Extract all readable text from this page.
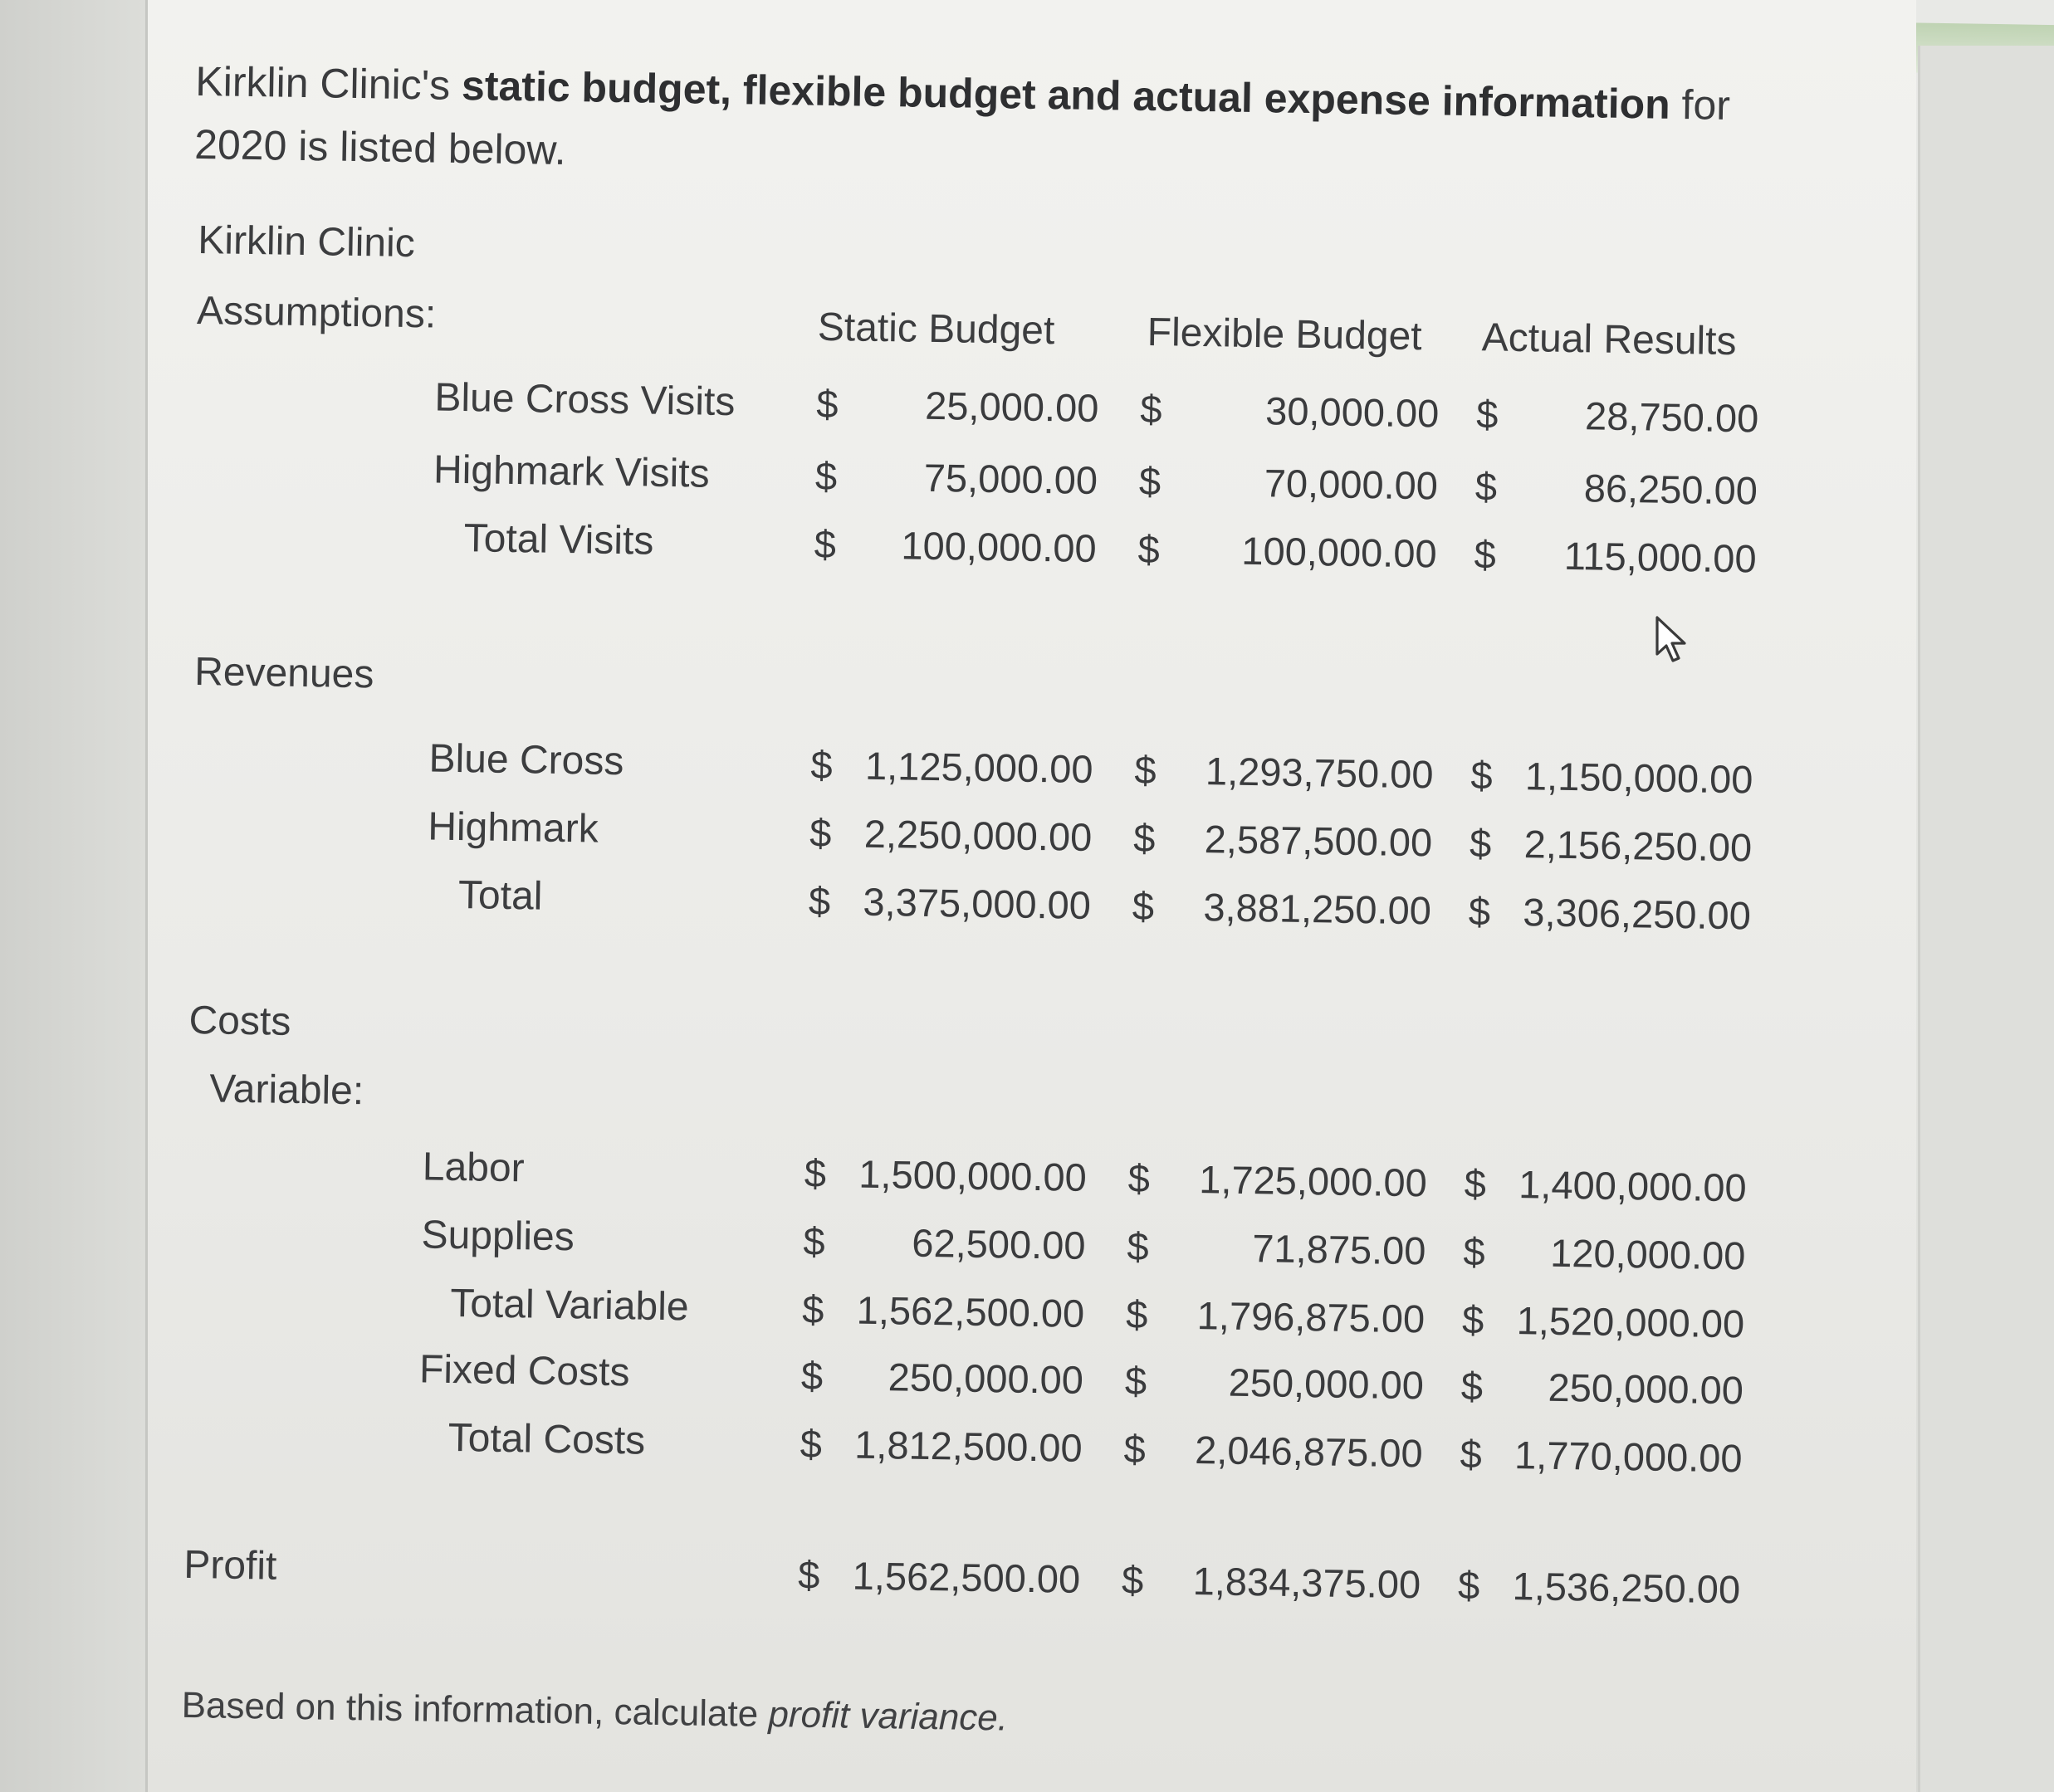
Kirklin Clinic's static budget, flexible budget and actual expense information for 2020 is listed below.
Kirklin Clinic
Assumptions:	Static Budget Flexible Budget Actual Results
Blue Cross Visits $ 25,000.00 $	30,000.00 $ 28,750.00
Highmark Visits	$ 75,000.00 $	70,000.00 $ 86,250.00
Total Visits	$ 100,000.00 $ 100,000.00 $ 115,000.00
Blue Cross	$ 1,125,000.00 $ 1,293,750.00 $ 1,150,000.00
Highmark	$ 2,250,000.00 $ 2,587,500.00 $ 2,156,250.00
Total	$ 3,375,000.00 $ 3,881,250.00 $ 3,306,250.00
Labor	$ 1,500,000.00 $ 1,725,000.00 $ 1,400,000.00
Supplies	$ 62,500.00 $	71,875.00 $ 120,000.00
Total Variable	$ 1,562,500.00 $ 1,796,875.00 $ 1,520,000.00
Fixed Costs	$ 250,000.00 $ 250,000.00 $ 250,000.00
Total Costs	$ 1,812,500.00 $ 2,046,875.00 $ 1,770,000.00
Profit	$ 1,562,500.00 $ 1,834,375.00 $ 1,536,250.00
Revenues
Costs
Variable:
Based on this information, calculate profit variance.
